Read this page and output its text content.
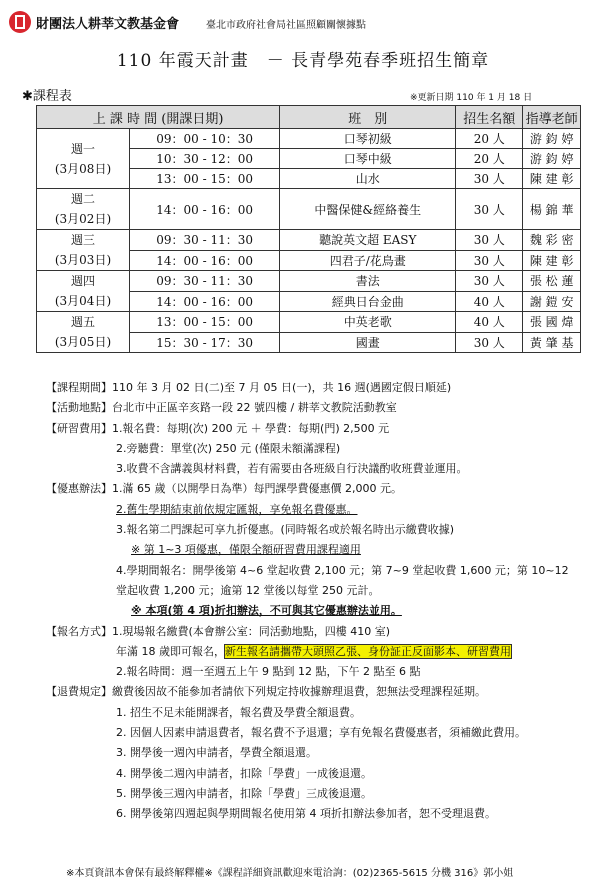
財團法人耕莘文教基金會	臺北市政府社會局社區照顧關懷據點
110 年霞天計畫　－ 長青學苑春季班招生簡章
✱課程表	※更新日期 110 年 1 月 18 日
上 課 時 間 (開課日期)		班　別	招生名額	指導老師

週一
(3月08日)	09：00 - 10：30	口琴初級	20 人	游 鈞 婷
	10：30 - 12：00	口琴中級	20 人	游 鈞 婷
	13：00 - 15：00	山水	30 人	陳 建 彰

週二
(3月02日)	14：00 - 16：00	中醫保健&經絡養生	30 人	楊 錦 華

週三
(3月03日)	09：30 - 11：30	聽說英文超 EASY	30 人	魏 彩 密
	14：00 - 16：00	四君子/花鳥畫	30 人	陳 建 彰

週四
(3月04日)	09：30 - 11：30	書法	30 人	張 松 蓮
	14：00 - 16：00	經典日台金曲	40 人	謝 鎧 安

週五
(3月05日)	13：00 - 15：00	中英老歌	40 人	張 國 煒
	15：30 - 17：30	國畫	30 人	黃 肇 基
【課程期間】110 年 3 月 02 日(二)至 7 月 05 日(一)，共 16 週(遇國定假日順延)
【活動地點】台北市中正區辛亥路一段 22 號四樓 / 耕莘文教院活動教室
【研習費用】1.報名費：每期(次) 200 元 ＋ 學費：每期(門) 2,500 元
2.旁聽費：單堂(次) 250 元 (僅限未額滿課程)
3.收費不含講義與材料費，若有需要由各班級自行決議酌收班費並運用。
【優惠辦法】1.滿 65 歲（以開學日為準）每門課學費優惠價 2,000 元。
2.舊生學期結束前依規定匯報，享免報名費優惠。
3.報名第二門課起可享九折優惠。(同時報名或於報名時出示繳費收據)
※ 第 1~3 項優惠，僅限全額研習費用課程適用
4.學期間報名：開學後第 4~6 堂起收費 2,100 元；第 7~9 堂起收費 1,600 元；第 10~12
堂起收費 1,200 元；逾第 12 堂後以每堂 250 元計。
※ 本項(第 4 項)折扣辦法，不可與其它優惠辦法並用。
【報名方式】1.現場報名繳費(本會辦公室：同活動地點，四樓 410 室)
年滿 18 歲即可報名，新生報名請攜帶大頭照乙張、身份証正反面影本、研習費用
2.報名時間：週一至週五上午 9 點到 12 點，下午 2 點至 6 點
【退費規定】繳費後因故不能參加者請依下列規定持收據辦理退費，恕無法受理課程延期。
1. 招生不足未能開課者，報名費及學費全額退費。
2. 因個人因素申請退費者，報名費不予退還；享有免報名費優惠者，須補繳此費用。
3. 開學後一週內申請者，學費全額退還。
4. 開學後二週內申請者，扣除「學費」一成後退還。
5. 開學後三週內申請者，扣除「學費」三成後退還。
6. 開學後第四週起與學期間報名使用第 4 項折扣辦法參加者，恕不受理退費。
※本頁資訊本會保有最終解釋權※《課程詳細資訊歡迎來電洽詢：(02)2365-5615 分機 316》郭小姐
